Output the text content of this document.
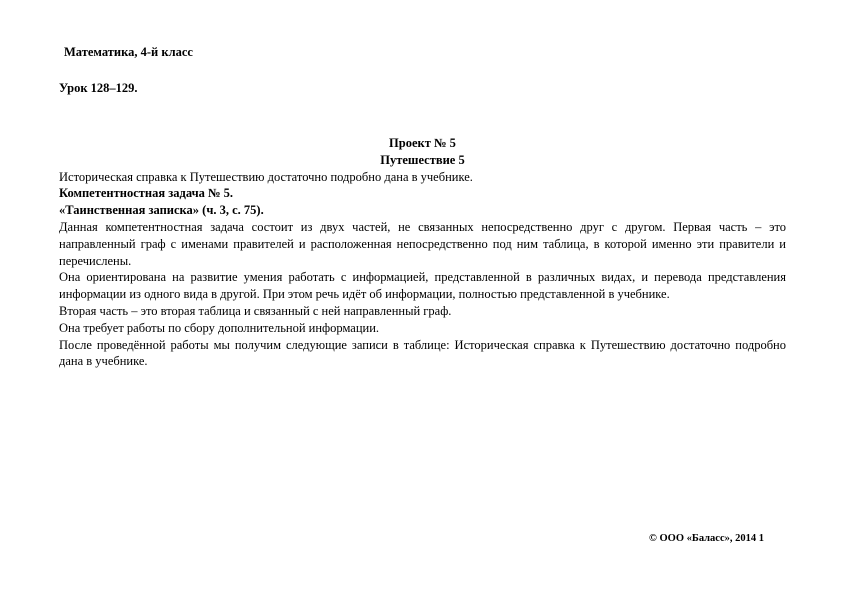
Математика, 4-й класс
Урок 128–129.

Проект № 5

Путешествие 5

Историческая справка к Путешествию достаточно подробно дана в учебнике.

Компетентностная задача № 5.

«Таинственная записка» (ч. 3, с. 75).

Данная компетентностная задача состоит из двух частей, не связанных непосредственно друг с другом. Первая часть – это направленный граф с именами правителей и расположенная непосредственно под ним таблица, в которой именно эти правители и перечислены.

Она ориентирована на развитие умения работать с информацией, представленной в различных видах, и перевода представления информации из одного вида в другой. При этом речь идёт об информации, полностью представленной в учебнике.

Вторая часть – это вторая таблица и связанный с ней направленный граф.

Она требует работы по сбору дополнительной информации.

После проведённой работы мы получим следующие записи в таблице: Историческая справка к Путешествию достаточно подробно дана в учебнике.

© ООО «Баласс», 2014 1
